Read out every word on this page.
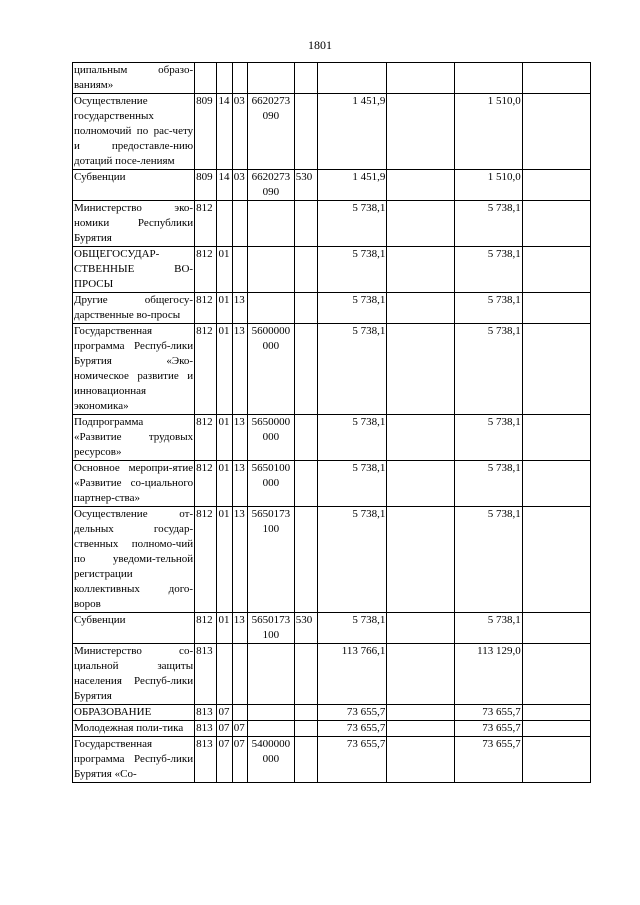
1801
ципальным образо-ваниям»									
Осуществление государственных полномочий по рас-чету и предоставле-нию дотаций посе-лениям	809	14	03	6620273090		1 451,9		1 510,0	
Субвенции	809	14	03	6620273090	530	1 451,9		1 510,0	
Министерство эко-номики Республики Бурятия	812					5 738,1		5 738,1	
ОБЩЕГОСУДАР-СТВЕННЫЕ ВО-ПРОСЫ	812	01				5 738,1		5 738,1	
Другие общегосу-дарственные во-просы	812	01	13			5 738,1		5 738,1	
Государственная программа Респуб-лики Бурятия «Эко-номическое развитие и инновационная экономика»	812	01	13	5600000000		5 738,1		5 738,1	
Подпрограмма «Развитие трудовых ресурсов»	812	01	13	5650000000		5 738,1		5 738,1	
Основное меропри-ятие «Развитие со-циального партнер-ства»	812	01	13	5650100000		5 738,1		5 738,1	
Осуществление от-дельных государ-ственных полномо-чий по уведоми-тельной регистрации коллективных дого-воров	812	01	13	5650173100		5 738,1		5 738,1	
Субвенции	812	01	13	5650173100	530	5 738,1		5 738,1	
Министерство со-циальной защиты населения Респуб-лики Бурятия	813					113 766,1		113 129,0	
ОБРАЗОВАНИЕ	813	07				73 655,7		73 655,7	
Молодежная поли-тика	813	07	07			73 655,7		73 655,7	
Государственная программа Респуб-лики Бурятия «Со-	813	07	07	5400000000		73 655,7		73 655,7	
